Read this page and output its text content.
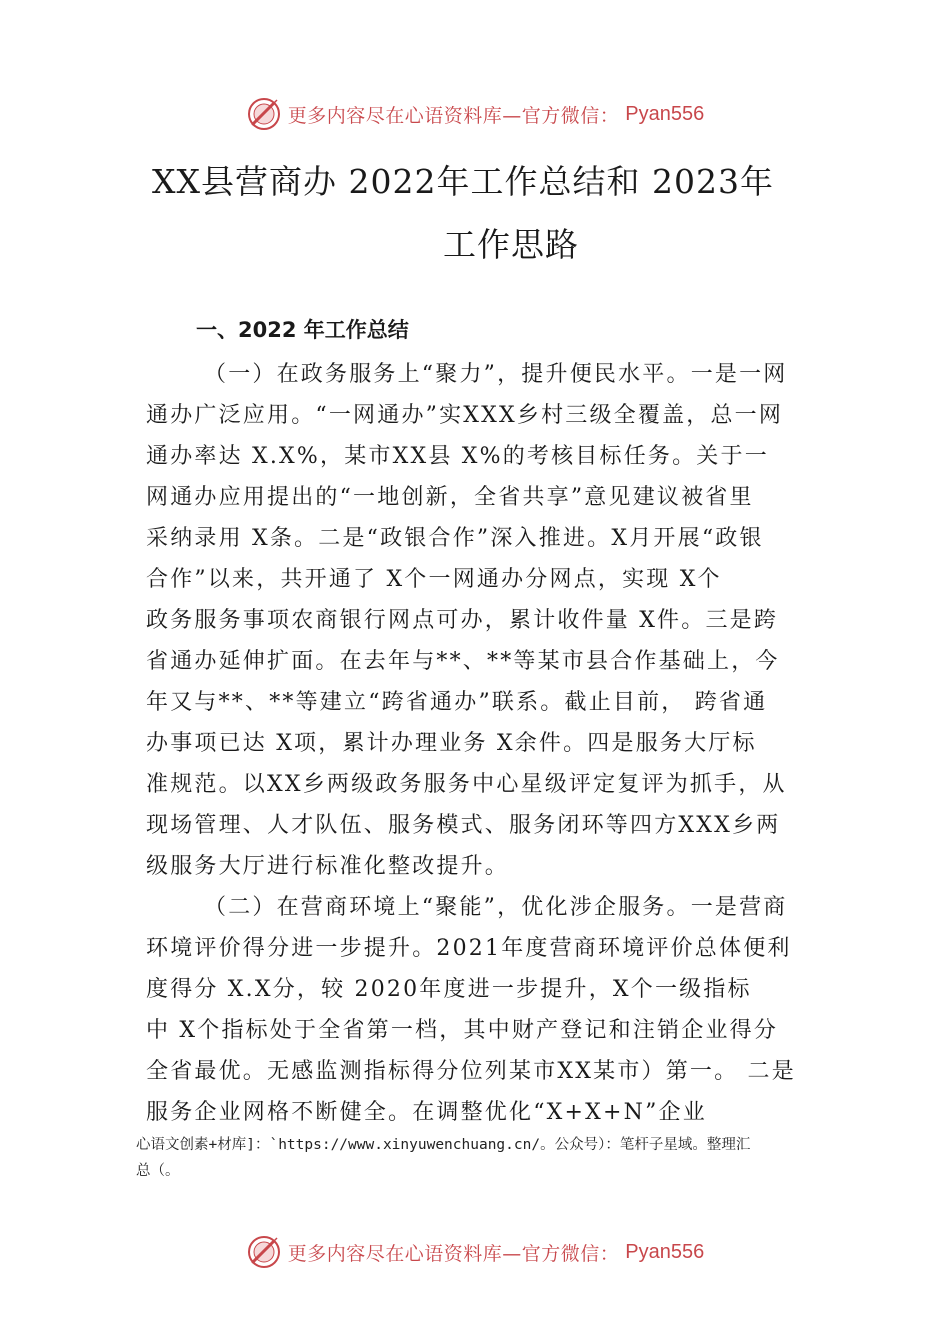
更多内容尽在心语资料库—官方微信： Pyan556
XX县营商办 2022年工作总结和 2023年
工作思路
一、2022 年工作总结
（一）在政务服务上“聚力”，提升便民水平。一是一网
通办广泛应用。“一网通办”实XXX乡村三级全覆盖，总一网
通办率达 X.X%，某市XX县 X%的考核目标任务。关于一
网通办应用提出的“一地创新，全省共享”意见建议被省里
采纳录用 X条。二是“政银合作”深入推进。X月开展“政银
合作”以来，共开通了 X个一网通办分网点，实现 X个
政务服务事项农商银行网点可办，累计收件量 X件。三是跨
省通办延伸扩面。在去年与**、**等某市县合作基础上，今
年又与**、**等建立“跨省通办”联系。截止目前， 跨省通
办事项已达 X项，累计办理业务 X余件。四是服务大厅标
准规范。以XX乡两级政务服务中心星级评定复评为抓手，从
现场管理、人才队伍、服务模式、服务闭环等四方XXX乡两
级服务大厅进行标准化整改提升。
（二）在营商环境上“聚能”，优化涉企服务。一是营商
环境评价得分进一步提升。2021年度营商环境评价总体便利
度得分 X.X分，较 2020年度进一步提升，X个一级指标
中 X个指标处于全省第一档，其中财产登记和注销企业得分
全省最优。无感监测指标得分位列某市XX某市）第一。 二是
服务企业网格不断健全。在调整优化“X+X+N”企业
心语文创素+材库]：`https://www.xinyuwenchuang.cn/。公众号）：笔杆子星域。整理汇
总（。
更多内容尽在心语资料库—官方微信： Pyan556
